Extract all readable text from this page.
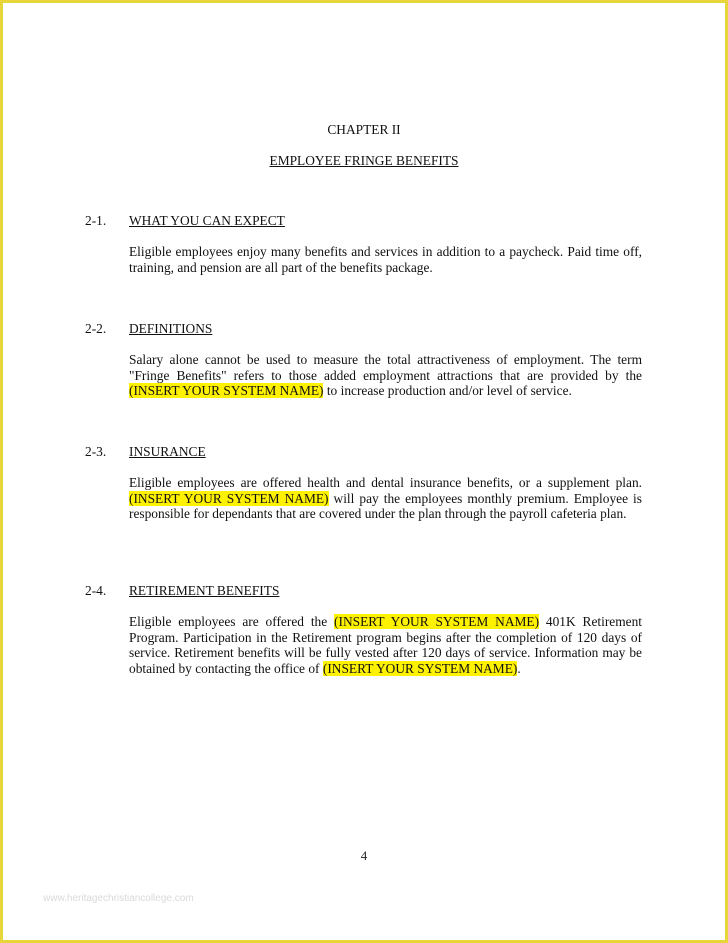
CHAPTER II
EMPLOYEE FRINGE BENEFITS
2-1. WHAT YOU CAN EXPECT
Eligible employees enjoy many benefits and services in addition to a paycheck. Paid time off, training, and pension are all part of the benefits package.
2-2. DEFINITIONS
Salary alone cannot be used to measure the total attractiveness of employment. The term "Fringe Benefits" refers to those added employment attractions that are provided by the (INSERT YOUR SYSTEM NAME) to increase production and/or level of service.
2-3. INSURANCE
Eligible employees are offered health and dental insurance benefits, or a supplement plan. (INSERT YOUR SYSTEM NAME) will pay the employees monthly premium. Employee is responsible for dependants that are covered under the plan through the payroll cafeteria plan.
2-4. RETIREMENT BENEFITS
Eligible employees are offered the (INSERT YOUR SYSTEM NAME) 401K Retirement Program. Participation in the Retirement program begins after the completion of 120 days of service. Retirement benefits will be fully vested after 120 days of service. Information may be obtained by contacting the office of (INSERT YOUR SYSTEM NAME).
4
www.heritagechristiancollege.com
